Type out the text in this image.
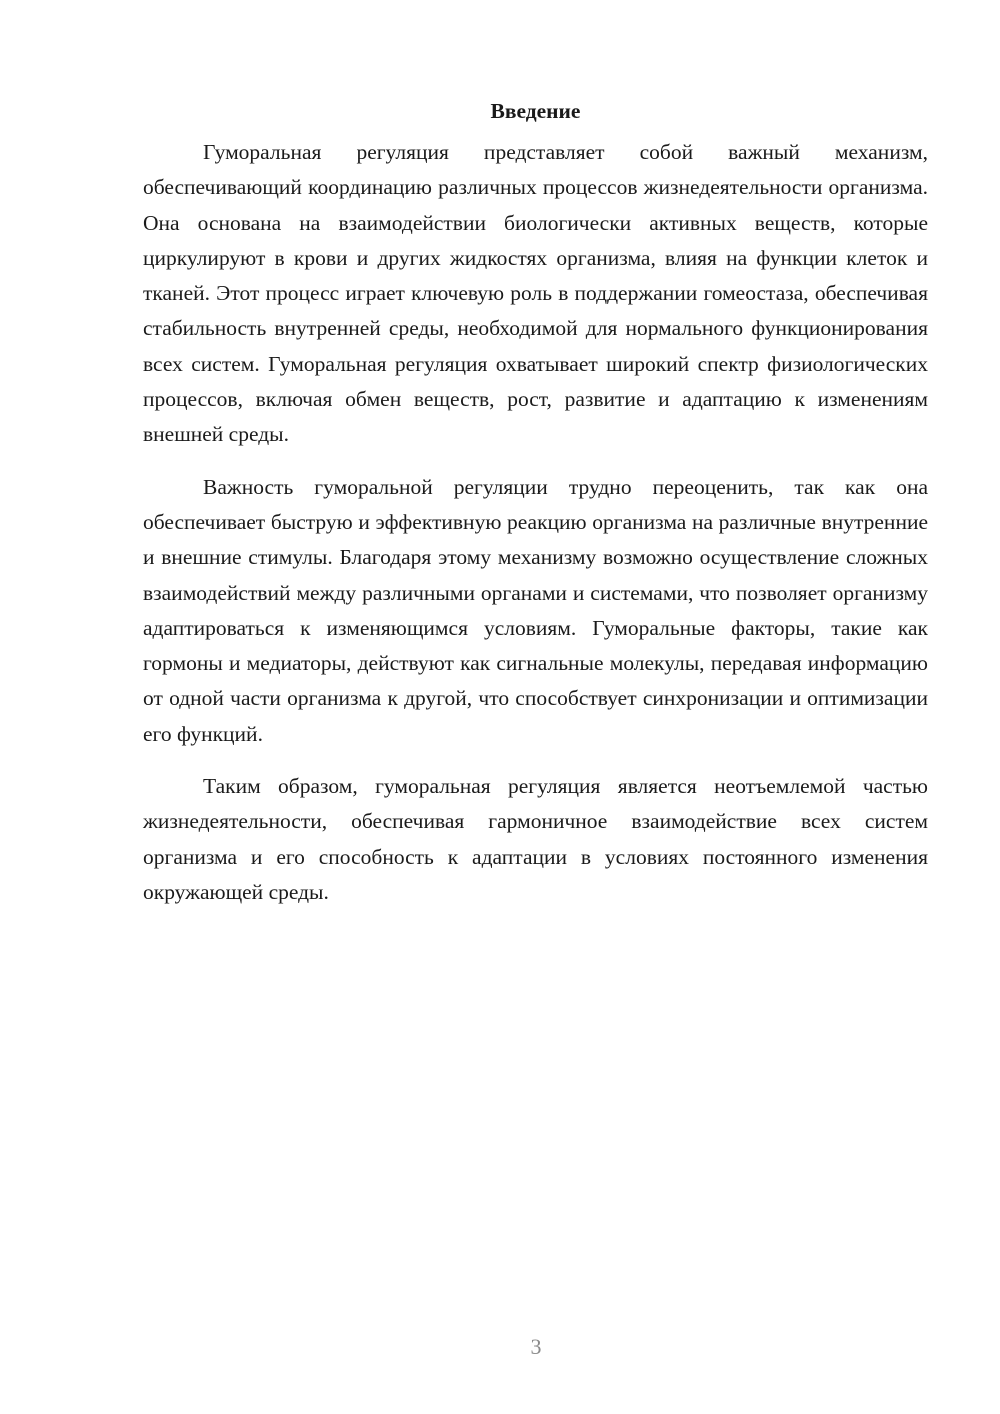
Введение

Гуморальная регуляция представляет собой важный механизм, обеспечивающий координацию различных процессов жизнедеятельности организма. Она основана на взаимодействии биологически активных веществ, которые циркулируют в крови и других жидкостях организма, влияя на функции клеток и тканей. Этот процесс играет ключевую роль в поддержании гомеостаза, обеспечивая стабильность внутренней среды, необходимой для нормального функционирования всех систем. Гуморальная регуляция охватывает широкий спектр физиологических процессов, включая обмен веществ, рост, развитие и адаптацию к изменениям внешней среды.

Важность гуморальной регуляции трудно переоценить, так как она обеспечивает быструю и эффективную реакцию организма на различные внутренние и внешние стимулы. Благодаря этому механизму возможно осуществление сложных взаимодействий между различными органами и системами, что позволяет организму адаптироваться к изменяющимся условиям. Гуморальные факторы, такие как гормоны и медиаторы, действуют как сигнальные молекулы, передавая информацию от одной части организма к другой, что способствует синхронизации и оптимизации его функций.

Таким образом, гуморальная регуляция является неотъемлемой частью жизнедеятельности, обеспечивая гармоничное взаимодействие всех систем организма и его способность к адаптации в условиях постоянного изменения окружающей среды.

3
